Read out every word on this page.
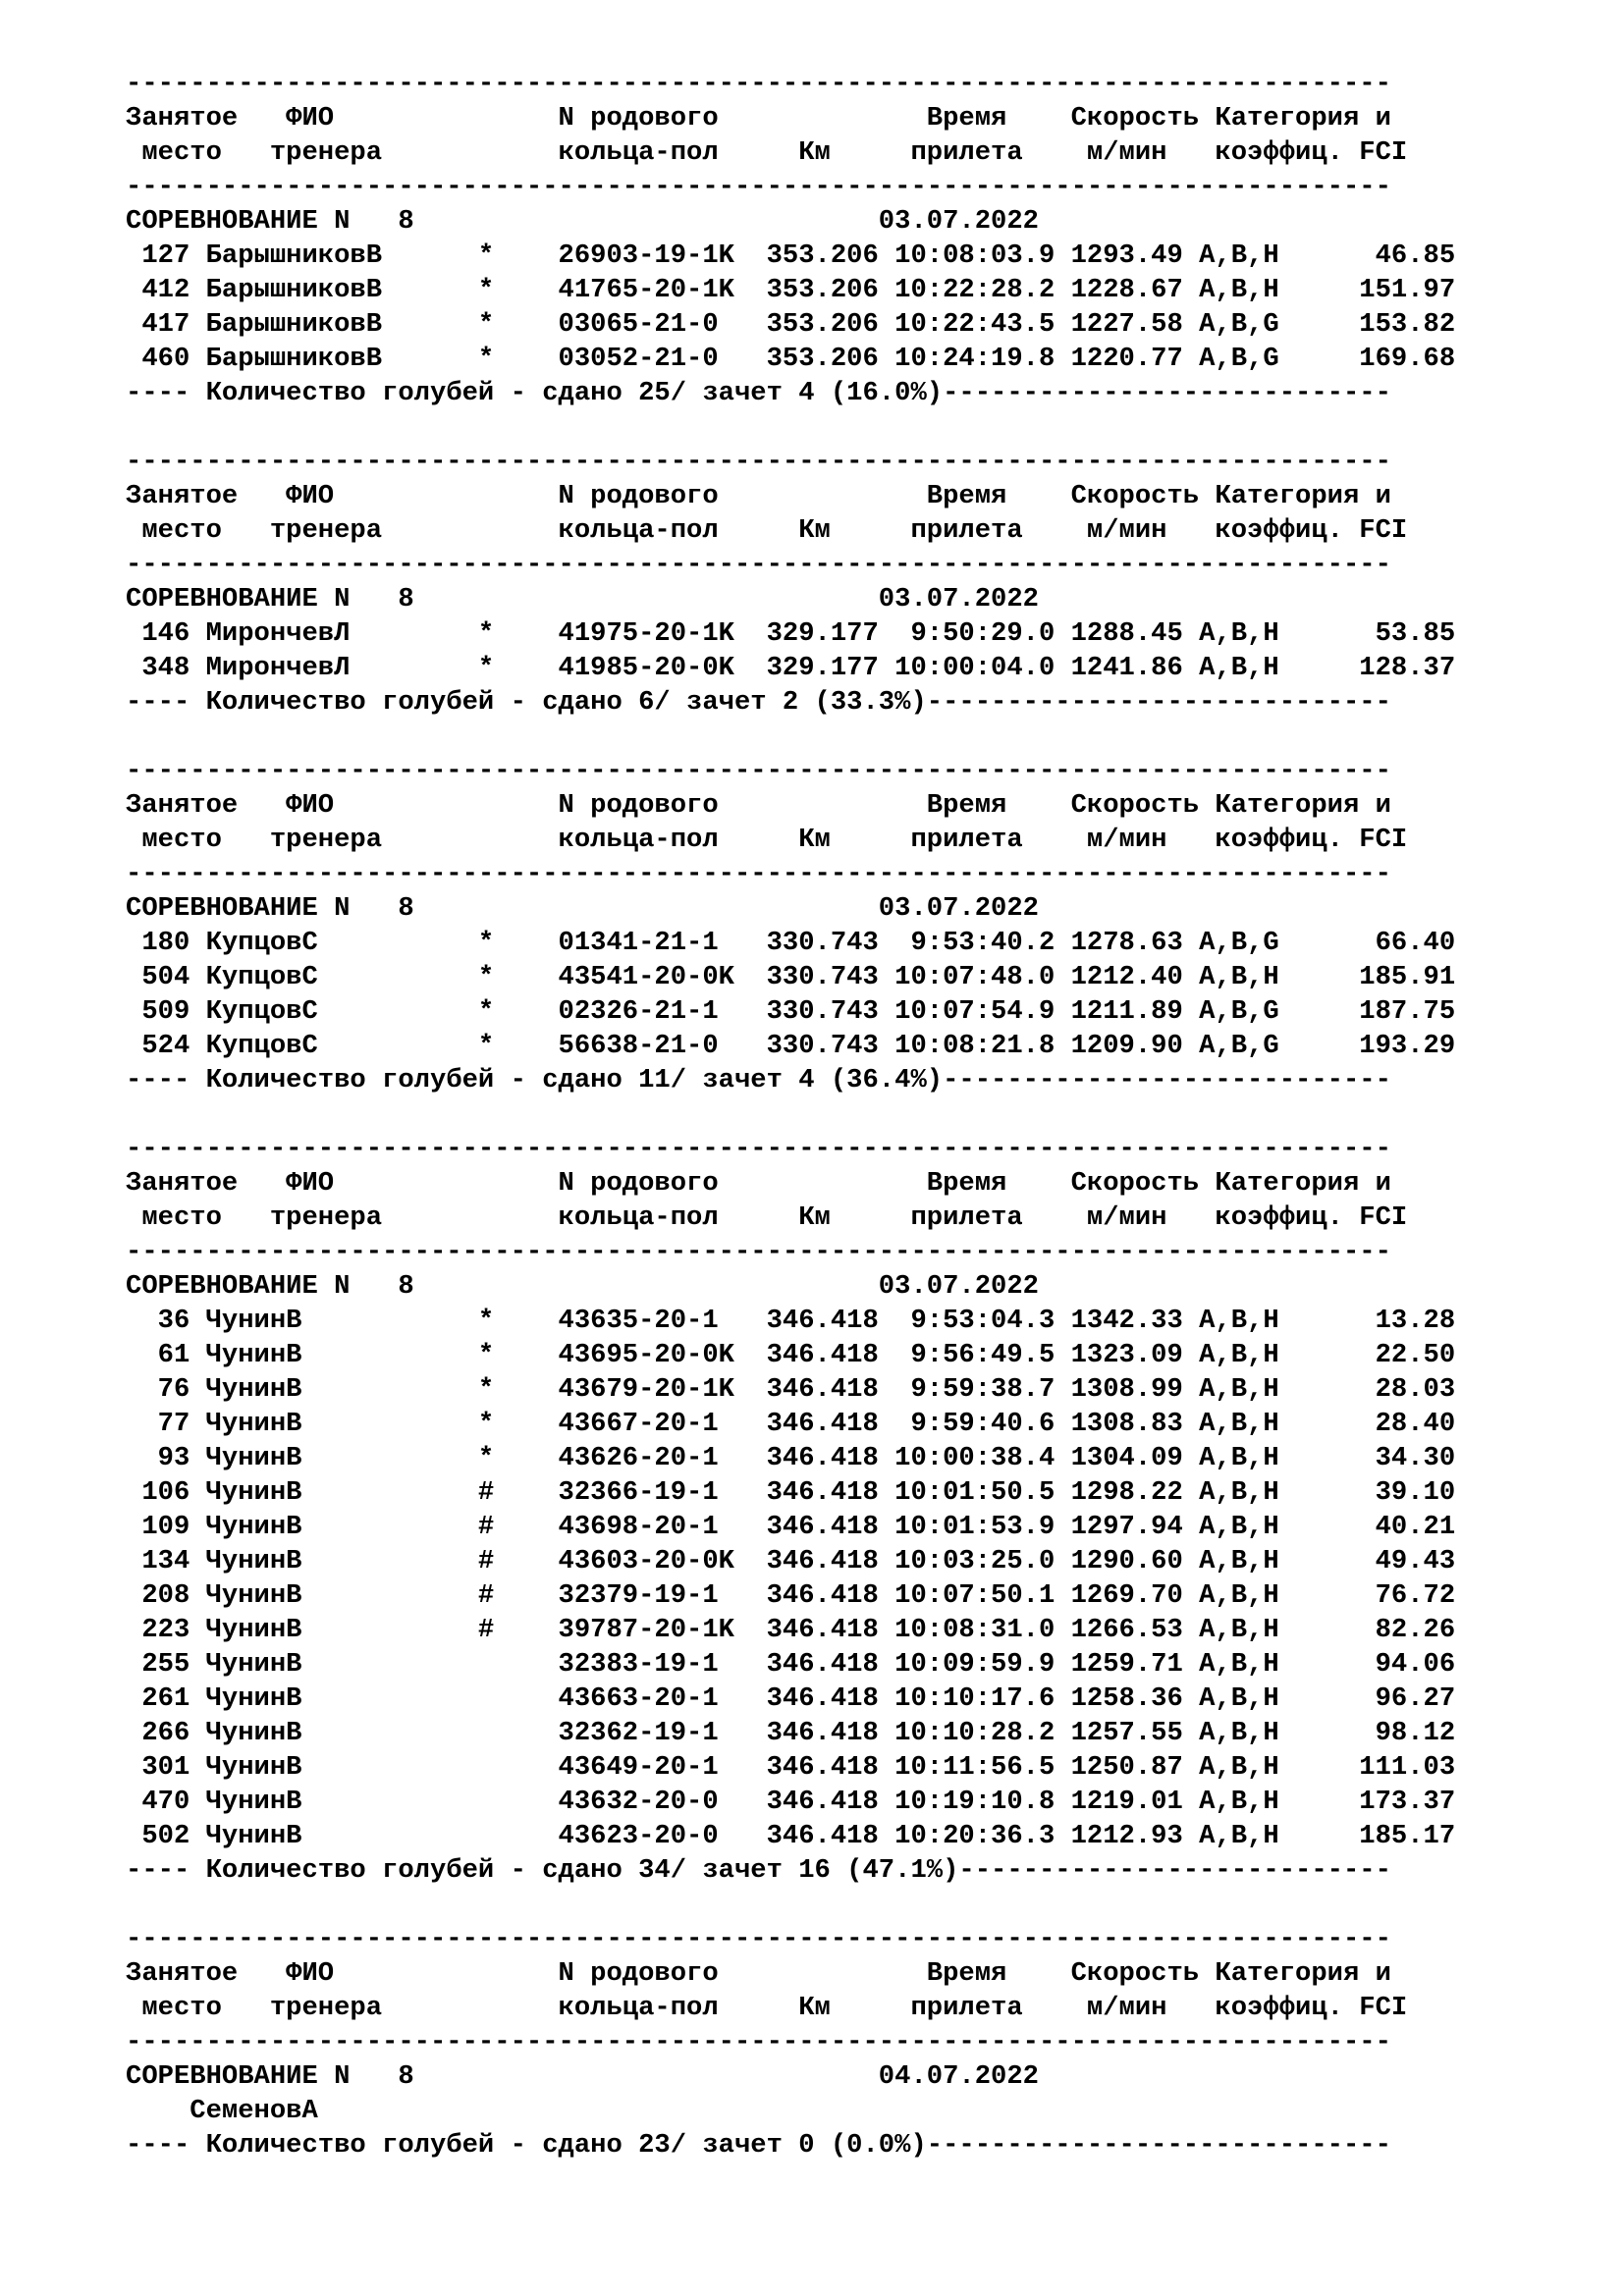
-------------------------------------------------------------------------------
Занятое   ФИО              N родового             Время    Скорость Категория и
место   тренера           кольца-пол     Км     прилета    м/мин   коэффиц. FCI
-------------------------------------------------------------------------------
СОРЕВНОВАНИЕ N   8                             03.07.2022
127 БарышниковВ      *    26903-19-1K  353.206 10:08:03.9 1293.49 A,B,H      46.85
412 БарышниковВ      *    41765-20-1K  353.206 10:22:28.2 1228.67 A,B,H     151.97
417 БарышниковВ      *    03065-21-0   353.206 10:22:43.5 1227.58 A,B,G     153.82
460 БарышниковВ      *    03052-21-0   353.206 10:24:19.8 1220.77 A,B,G     169.68
---- Количество голубей - сдано 25/ зачет 4 (16.0%)----------------------------
-------------------------------------------------------------------------------
Занятое   ФИО              N родового             Время    Скорость Категория и
место   тренера           кольца-пол     Км     прилета    м/мин   коэффиц. FCI
-------------------------------------------------------------------------------
СОРЕВНОВАНИЕ N   8                             03.07.2022
146 МирончевЛ        *    41975-20-1K  329.177  9:50:29.0 1288.45 A,B,H      53.85
348 МирончевЛ        *    41985-20-0K  329.177 10:00:04.0 1241.86 A,B,H     128.37
---- Количество голубей - сдано 6/ зачет 2 (33.3%)-----------------------------
-------------------------------------------------------------------------------
Занятое   ФИО              N родового             Время    Скорость Категория и
место   тренера           кольца-пол     Км     прилета    м/мин   коэффиц. FCI
-------------------------------------------------------------------------------
СОРЕВНОВАНИЕ N   8                             03.07.2022
180 КупцовС          *    01341-21-1   330.743  9:53:40.2 1278.63 A,B,G      66.40
504 КупцовС          *    43541-20-0K  330.743 10:07:48.0 1212.40 A,B,H     185.91
509 КупцовС          *    02326-21-1   330.743 10:07:54.9 1211.89 A,B,G     187.75
524 КупцовС          *    56638-21-0   330.743 10:08:21.8 1209.90 A,B,G     193.29
---- Количество голубей - сдано 11/ зачет 4 (36.4%)----------------------------
-------------------------------------------------------------------------------
Занятое   ФИО              N родового             Время    Скорость Категория и
место   тренера           кольца-пол     Км     прилета    м/мин   коэффиц. FCI
-------------------------------------------------------------------------------
СОРЕВНОВАНИЕ N   8                             03.07.2022
36 ЧунинВ           *    43635-20-1   346.418  9:53:04.3 1342.33 A,B,H      13.28
61 ЧунинВ           *    43695-20-0K  346.418  9:56:49.5 1323.09 A,B,H      22.50
76 ЧунинВ           *    43679-20-1K  346.418  9:59:38.7 1308.99 A,B,H      28.03
77 ЧунинВ           *    43667-20-1   346.418  9:59:40.6 1308.83 A,B,H      28.40
93 ЧунинВ           *    43626-20-1   346.418 10:00:38.4 1304.09 A,B,H      34.30
106 ЧунинВ           #    32366-19-1   346.418 10:01:50.5 1298.22 A,B,H      39.10
109 ЧунинВ           #    43698-20-1   346.418 10:01:53.9 1297.94 A,B,H      40.21
134 ЧунинВ           #    43603-20-0K  346.418 10:03:25.0 1290.60 A,B,H      49.43
208 ЧунинВ           #    32379-19-1   346.418 10:07:50.1 1269.70 A,B,H      76.72
223 ЧунинВ           #    39787-20-1K  346.418 10:08:31.0 1266.53 A,B,H      82.26
255 ЧунинВ                32383-19-1   346.418 10:09:59.9 1259.71 A,B,H      94.06
261 ЧунинВ                43663-20-1   346.418 10:10:17.6 1258.36 A,B,H      96.27
266 ЧунинВ                32362-19-1   346.418 10:10:28.2 1257.55 A,B,H      98.12
301 ЧунинВ                43649-20-1   346.418 10:11:56.5 1250.87 A,B,H     111.03
470 ЧунинВ                43632-20-0   346.418 10:19:10.8 1219.01 A,B,H     173.37
502 ЧунинВ                43623-20-0   346.418 10:20:36.3 1212.93 A,B,H     185.17
---- Количество голубей - сдано 34/ зачет 16 (47.1%)---------------------------
-------------------------------------------------------------------------------
Занятое   ФИО              N родового             Время    Скорость Категория и
место   тренера           кольца-пол     Км     прилета    м/мин   коэффиц. FCI
-------------------------------------------------------------------------------
СОРЕВНОВАНИЕ N   8                             04.07.2022
СеменовА
---- Количество голубей - сдано 23/ зачет 0 (0.0%)-----------------------------
